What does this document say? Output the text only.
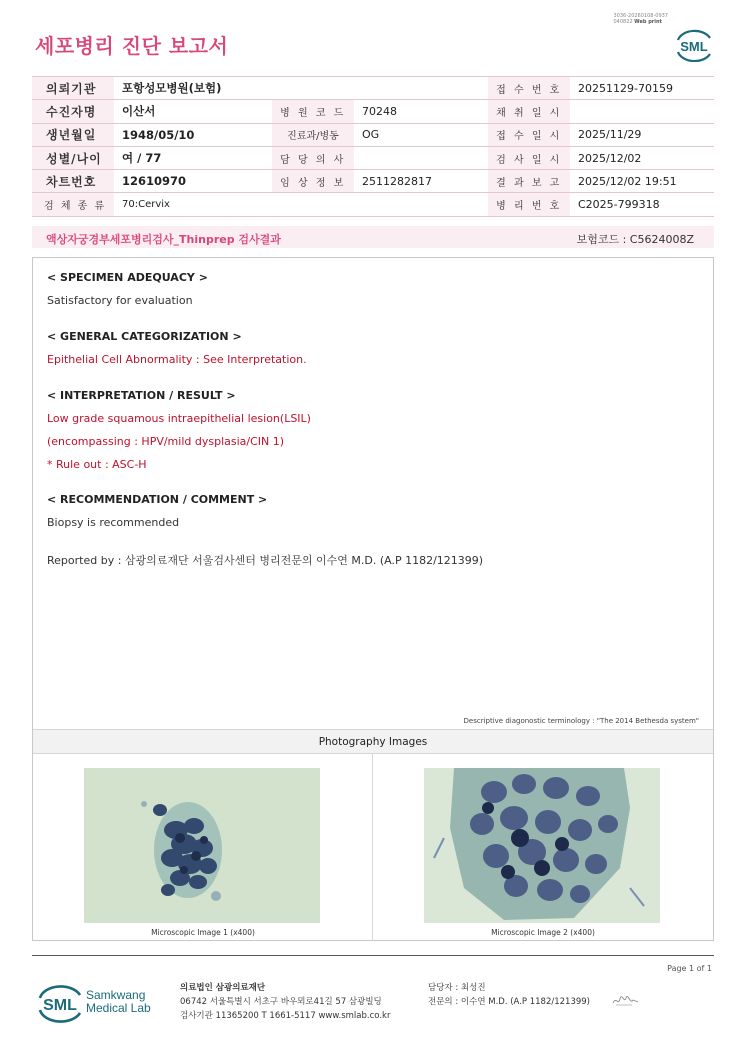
3036-20260108-0937
040822 Web print
SML
세포병리 진단 보고서
의뢰기관	포항성모병원(보험)			접 수 번 호	20251129-70159
수진자명	이산서	병 원 코 드	70248	채 취 일 시	
생년월일	1948/05/10	진료과/병동	OG	접 수 일 시	2025/11/29
성별/나이	여 / 77	담 당 의 사		검 사 일 시	2025/12/02
차트번호	12610970	임 상 정 보	2511282817	결 과 보 고	2025/12/02 19:51
검 체 종 류	70:Cervix			병 리 번 호	C2025-799318
액상자궁경부세포병리검사_Thinprep 검사결과	보험코드 : C5624008Z
< SPECIMEN ADEQUACY >
Satisfactory for evaluation
< GENERAL CATEGORIZATION >
Epithelial Cell Abnormality : See Interpretation.
< INTERPRETATION / RESULT >
Low grade squamous intraepithelial lesion(LSIL)
(encompassing : HPV/mild dysplasia/CIN 1)
* Rule out : ASC-H
< RECOMMENDATION / COMMENT >
Biopsy is recommended
Reported by : 삼광의료재단 서울검사센터 병리전문의 이수연 M.D. (A.P 1182/121399)
Descriptive diagonostic terminology : "The 2014 Bethesda system"
Photography Images
Microscopic Image 1 (x400)	Microscopic Image 2 (x400)
Page 1 of 1
SML
Samkwang
Medical Lab
의료법인 삼광의료재단
06742 서울특별시 서초구 바우뫼로41길 57 삼광빌딩
검사기관 11365200 T 1661-5117 www.smlab.co.kr
담당자 : 최성진
전문의 : 이수연 M.D. (A.P 1182/121399)
